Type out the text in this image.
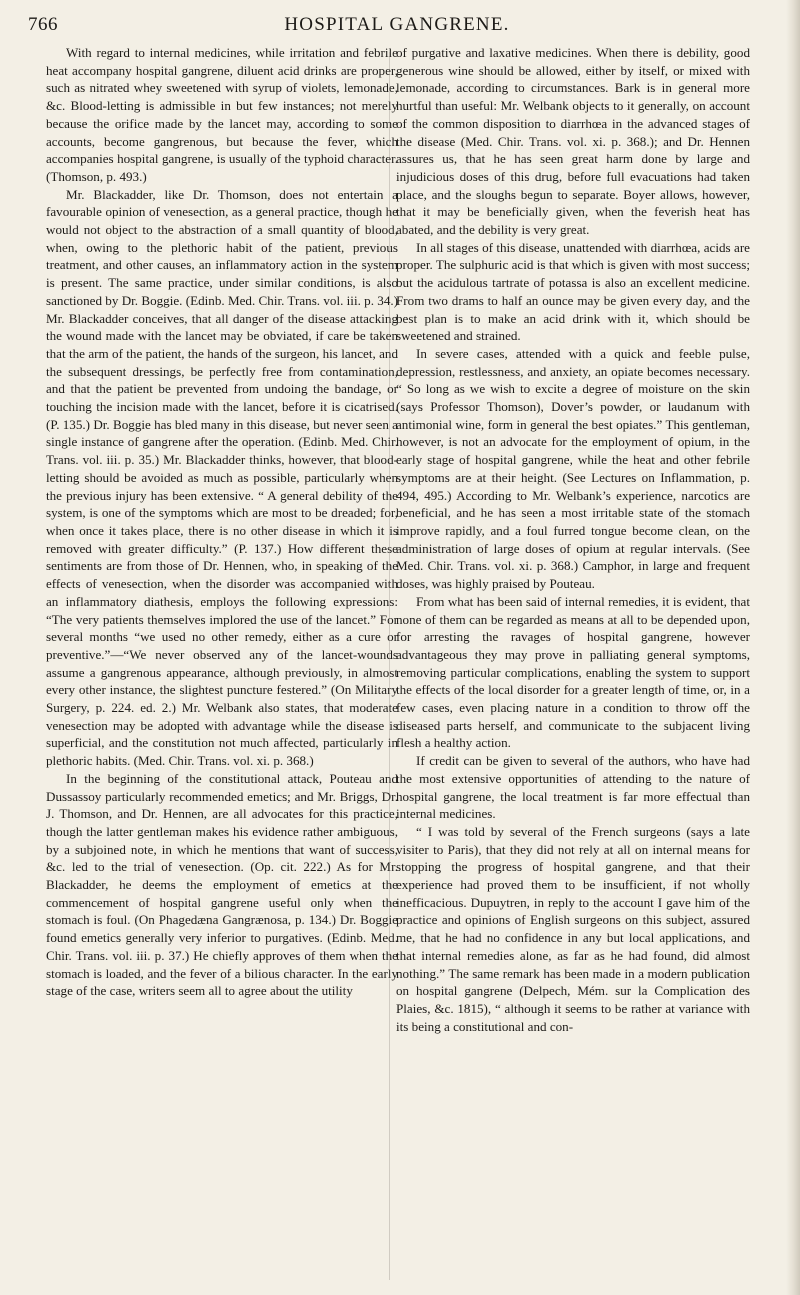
766	HOSPITAL GANGRENE.

With regard to internal medicines, while irritation and febrile heat accompany hospital gangrene, diluent acid drinks are proper, such as nitrated whey sweetened with syrup of violets, lemonade, &c. Blood-letting is admissible in but few instances; not merely because the orifice made by the lancet may, according to some accounts, become gangrenous, but because the fever, which accompanies hospital gangrene, is usually of the typhoid character. (Thomson, p. 493.)

Mr. Blackadder, like Dr. Thomson, does not entertain a favourable opinion of venesection, as a general practice, though he would not object to the abstraction of a small quantity of blood, when, owing to the plethoric habit of the patient, previous treatment, and other causes, an inflammatory action in the system is present. The same practice, under similar conditions, is also sanctioned by Dr. Boggie. (Edinb. Med. Chir. Trans. vol. iii. p. 34.) Mr. Blackadder conceives, that all danger of the disease attacking the wound made with the lancet may be obviated, if care be taken that the arm of the patient, the hands of the surgeon, his lancet, and the subsequent dressings, be perfectly free from contamination, and that the patient be prevented from undoing the bandage, or touching the incision made with the lancet, before it is cicatrised. (P. 135.) Dr. Boggie has bled many in this disease, but never seen a single instance of gangrene after the operation. (Edinb. Med. Chir. Trans. vol. iii. p. 35.) Mr. Blackadder thinks, however, that blood-letting should be avoided as much as possible, particularly when the previous injury has been extensive. “ A general debility of the system, is one of the symptoms which are most to be dreaded; for, when once it takes place, there is no other disease in which it is removed with greater difficulty.” (P. 137.) How different these sentiments are from those of Dr. Hennen, who, in speaking of the effects of venesection, when the disorder was accompanied with an inflammatory diathesis, employs the following expressions: “The very patients themselves implored the use of the lancet.” For several months “we used no other remedy, either as a cure or preventive.”—“We never observed any of the lancet-wounds assume a gangrenous appearance, although previously, in almost every other instance, the slightest puncture festered.” (On Military Surgery, p. 224. ed. 2.) Mr. Welbank also states, that moderate venesection may be adopted with advantage while the disease is superficial, and the constitution not much affected, particularly in plethoric habits. (Med. Chir. Trans. vol. xi. p. 368.)

In the beginning of the constitutional attack, Pouteau and Dussassoy particularly recommended emetics; and Mr. Briggs, Dr. J. Thomson, and Dr. Hennen, are all advocates for this practice, though the latter gentleman makes his evidence rather ambiguous, by a subjoined note, in which he mentions that want of success, &c. led to the trial of venesection. (Op. cit. 222.) As for Mr. Blackadder, he deems the employment of emetics at the commencement of hospital gangrene useful only when the stomach is foul. (On Phagedæna Gangrænosa, p. 134.) Dr. Boggie found emetics generally very inferior to purgatives. (Edinb. Med. Chir. Trans. vol. iii. p. 37.) He chiefly approves of them when the stomach is loaded, and the fever of a bilious character. In the early stage of the case, writers seem all to agree about the utility

of purgative and laxative medicines. When there is debility, good generous wine should be allowed, either by itself, or mixed with lemonade, according to circumstances. Bark is in general more hurtful than useful: Mr. Welbank objects to it generally, on account of the common disposition to diarrhœa in the advanced stages of the disease (Med. Chir. Trans. vol. xi. p. 368.); and Dr. Hennen assures us, that he has seen great harm done by large and injudicious doses of this drug, before full evacuations had taken place, and the sloughs begun to separate. Boyer allows, however, that it may be beneficially given, when the feverish heat has abated, and the debility is very great.

In all stages of this disease, unattended with diarrhœa, acids are proper. The sulphuric acid is that which is given with most success; but the acidulous tartrate of potassa is also an excellent medicine. From two drams to half an ounce may be given every day, and the best plan is to make an acid drink with it, which should be sweetened and strained.

In severe cases, attended with a quick and feeble pulse, depression, restlessness, and anxiety, an opiate becomes necessary. “ So long as we wish to excite a degree of moisture on the skin (says Professor Thomson), Dover’s powder, or laudanum with antimonial wine, form in general the best opiates.” This gentleman, however, is not an advocate for the employment of opium, in the early stage of hospital gangrene, while the heat and other febrile symptoms are at their height. (See Lectures on Inflammation, p. 494, 495.) According to Mr. Welbank’s experience, narcotics are beneficial, and he has seen a most irritable state of the stomach improve rapidly, and a foul furred tongue become clean, on the administration of large doses of opium at regular intervals. (See Med. Chir. Trans. vol. xi. p. 368.) Camphor, in large and frequent doses, was highly praised by Pouteau.

From what has been said of internal remedies, it is evident, that none of them can be regarded as means at all to be depended upon, for arresting the ravages of hospital gangrene, however advantageous they may prove in palliating general symptoms, removing particular complications, enabling the system to support the effects of the local disorder for a greater length of time, or, in a few cases, even placing nature in a condition to throw off the diseased parts herself, and communicate to the subjacent living flesh a healthy action.

If credit can be given to several of the authors, who have had the most extensive opportunities of attending to the nature of hospital gangrene, the local treatment is far more effectual than internal medicines.

“ I was told by several of the French surgeons (says a late visiter to Paris), that they did not rely at all on internal means for stopping the progress of hospital gangrene, and that their experience had proved them to be insufficient, if not wholly inefficacious. Dupuytren, in reply to the account I gave him of the practice and opinions of English surgeons on this subject, assured me, that he had no confidence in any but local applications, and that internal remedies alone, as far as he had found, did almost nothing.” The same remark has been made in a modern publication on hospital gangrene (Delpech, Mém. sur la Complication des Plaies, &c. 1815), “ although it seems to be rather at variance with its being a constitutional and con-
